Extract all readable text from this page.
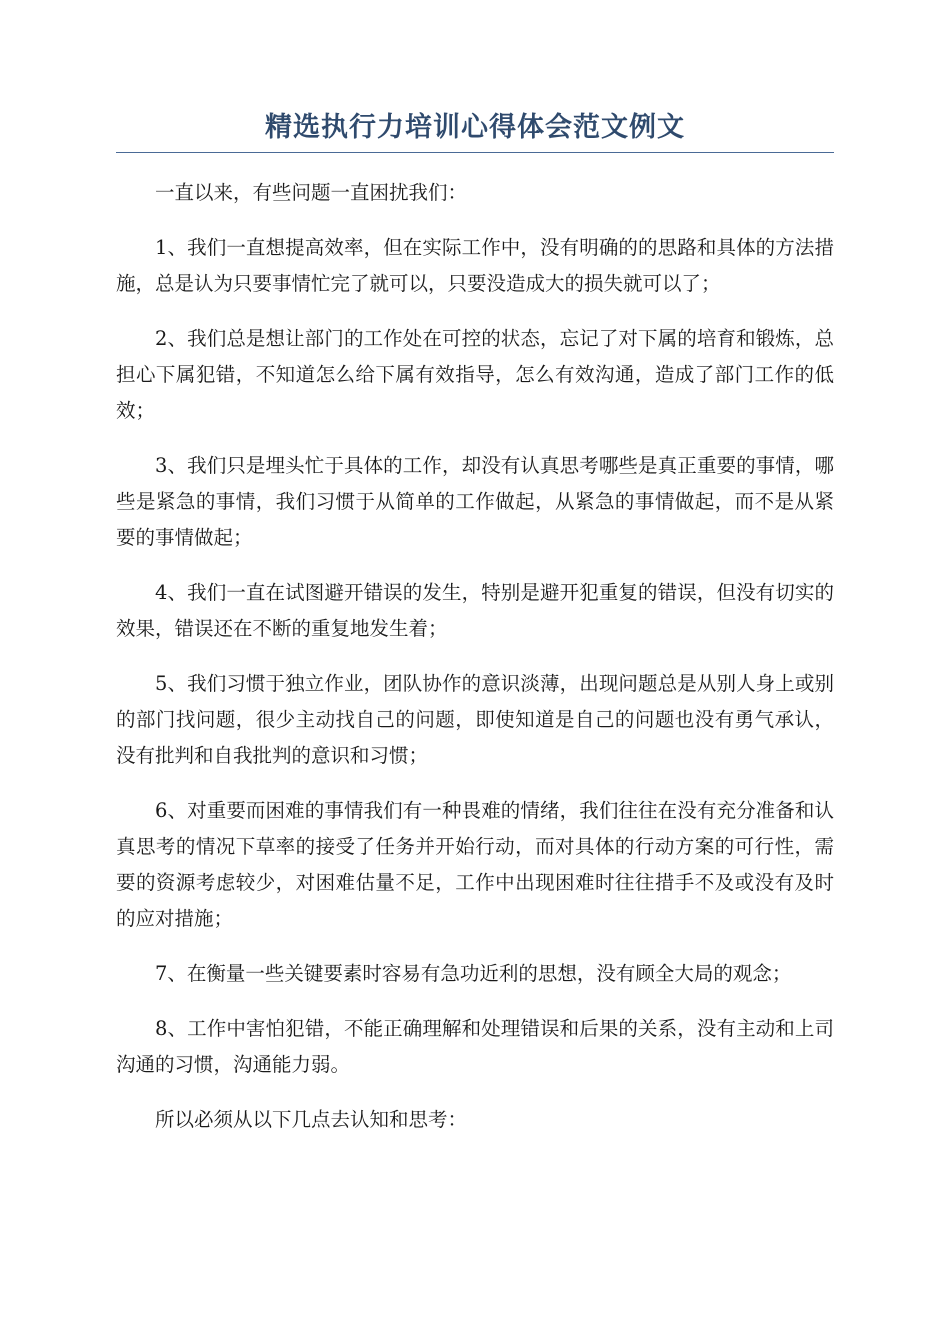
精选执行力培训心得体会范文例文

一直以来，有些问题一直困扰我们：

1、我们一直想提高效率，但在实际工作中，没有明确的的思路和具体的方法措施，总是认为只要事情忙完了就可以，只要没造成大的损失就可以了；

2、我们总是想让部门的工作处在可控的状态，忘记了对下属的培育和锻炼，总担心下属犯错，不知道怎么给下属有效指导，怎么有效沟通，造成了部门工作的低效；

3、我们只是埋头忙于具体的工作，却没有认真思考哪些是真正重要的事情，哪些是紧急的事情，我们习惯于从简单的工作做起，从紧急的事情做起，而不是从紧要的事情做起；

4、我们一直在试图避开错误的发生，特别是避开犯重复的错误，但没有切实的效果，错误还在不断的重复地发生着；

5、我们习惯于独立作业，团队协作的意识淡薄，出现问题总是从别人身上或别的部门找问题，很少主动找自己的问题，即使知道是自己的问题也没有勇气承认，没有批判和自我批判的意识和习惯；

6、对重要而困难的事情我们有一种畏难的情绪，我们往往在没有充分准备和认真思考的情况下草率的接受了任务并开始行动，而对具体的行动方案的可行性，需要的资源考虑较少，对困难估量不足，工作中出现困难时往往措手不及或没有及时的应对措施；

7、在衡量一些关键要素时容易有急功近利的思想，没有顾全大局的观念；

8、工作中害怕犯错，不能正确理解和处理错误和后果的关系，没有主动和上司沟通的习惯，沟通能力弱。

所以必须从以下几点去认知和思考：
